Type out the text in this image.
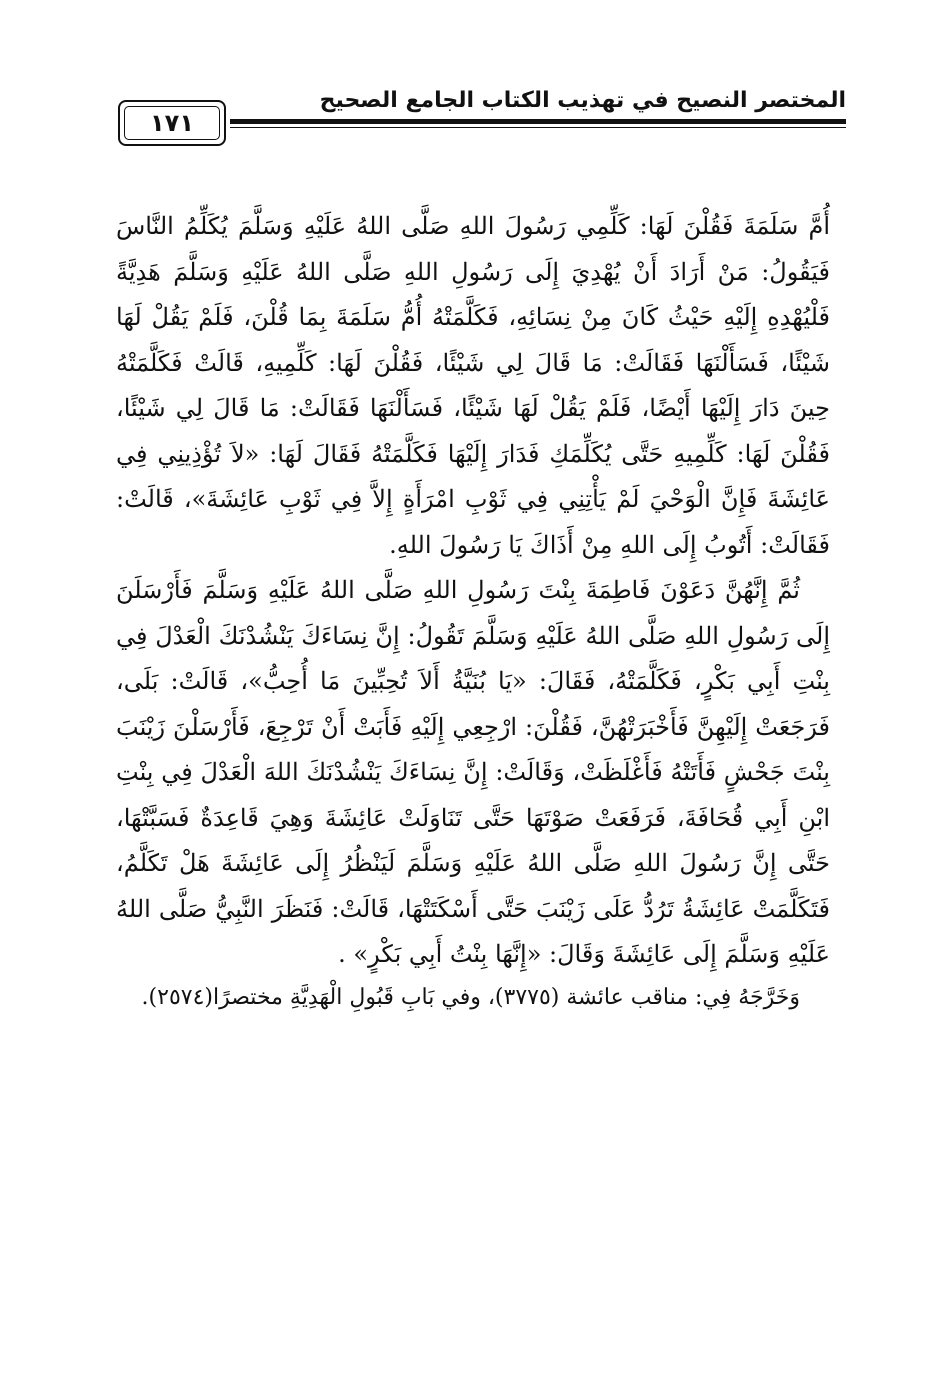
المختصر النصيح في تهذيب الكتاب الجامع الصحيح
١٧١

أُمَّ سَلَمَةَ فَقُلْنَ لَهَا: كَلِّمِي رَسُولَ اللهِ صَلَّى اللهُ عَلَيْهِ وَسَلَّمَ يُكَلِّمُ النَّاسَ فَيَقُولُ: مَنْ أَرَادَ أَنْ يُهْدِيَ إِلَى رَسُولِ اللهِ صَلَّى اللهُ عَلَيْهِ وَسَلَّمَ هَدِيَّةً فَلْيُهْدِهِ إِلَيْهِ حَيْثُ كَانَ مِنْ نِسَائِهِ، فَكَلَّمَتْهُ أُمُّ سَلَمَةَ بِمَا قُلْنَ، فَلَمْ يَقُلْ لَهَا شَيْئًا، فَسَأَلْنَهَا فَقَالَتْ: مَا قَالَ لِي شَيْئًا، فَقُلْنَ لَهَا: كَلِّمِيهِ، قَالَتْ فَكَلَّمَتْهُ حِينَ دَارَ إِلَيْهَا أَيْضًا، فَلَمْ يَقُلْ لَهَا شَيْئًا، فَسَأَلْنَهَا فَقَالَتْ: مَا قَالَ لِي شَيْئًا، فَقُلْنَ لَهَا: كَلِّمِيهِ حَتَّى يُكَلِّمَكِ فَدَارَ إِلَيْهَا فَكَلَّمَتْهُ فَقَالَ لَهَا: «لاَ تُؤْذِينِي فِي عَائِشَةَ فَإِنَّ الْوَحْيَ لَمْ يَأْتِنِي فِي ثَوْبِ امْرَأَةٍ إِلاَّ فِي ثَوْبِ عَائِشَةَ»، قَالَتْ: فَقَالَتْ: أَتُوبُ إِلَى اللهِ مِنْ أَذَاكَ يَا رَسُولَ اللهِ.

ثُمَّ إِنَّهُنَّ دَعَوْنَ فَاطِمَةَ بِنْتَ رَسُولِ اللهِ صَلَّى اللهُ عَلَيْهِ وَسَلَّمَ فَأَرْسَلَنَ إِلَى رَسُولِ اللهِ صَلَّى اللهُ عَلَيْهِ وَسَلَّمَ تَقُولُ: إِنَّ نِسَاءَكَ يَنْشُدْنَكَ الْعَدْلَ فِي بِنْتِ أَبِي بَكْرٍ، فَكَلَّمَتْهُ، فَقَالَ: «يَا بُنَيَّةُ أَلاَ تُحِبِّينَ مَا أُحِبُّ»، قَالَتْ: بَلَى، فَرَجَعَتْ إِلَيْهِنَّ فَأَخْبَرَتْهُنَّ، فَقُلْنَ: ارْجِعِي إِلَيْهِ فَأَبَتْ أَنْ تَرْجِعَ، فَأَرْسَلْنَ زَيْنَبَ بِنْتَ جَحْشٍ فَأَتَتْهُ فَأَغْلَظَتْ، وَقَالَتْ: إِنَّ نِسَاءَكَ يَنْشُدْنَكَ اللهَ الْعَدْلَ فِي بِنْتِ ابْنِ أَبِي قُحَافَةَ، فَرَفَعَتْ صَوْتَهَا حَتَّى تَنَاوَلَتْ عَائِشَةَ وَهِيَ قَاعِدَةٌ فَسَبَّتْهَا، حَتَّى إِنَّ رَسُولَ اللهِ صَلَّى اللهُ عَلَيْهِ وَسَلَّمَ لَيَنْظُرُ إِلَى عَائِشَةَ هَلْ تَكَلَّمُ، فَتَكَلَّمَتْ عَائِشَةُ تَرُدُّ عَلَى زَيْنَبَ حَتَّى أَسْكَتَتْهَا، قَالَتْ: فَنَظَرَ النَّبِيُّ صَلَّى اللهُ عَلَيْهِ وَسَلَّمَ إِلَى عَائِشَةَ وَقَالَ: «إِنَّهَا بِنْتُ أَبِي بَكْرٍ» .

وَخَرَّجَهُ فِي: مناقب عائشة (٣٧٧٥)، وفي بَابِ قَبُولِ الْهَدِيَّةِ مختصرًا(٢٥٧٤).
